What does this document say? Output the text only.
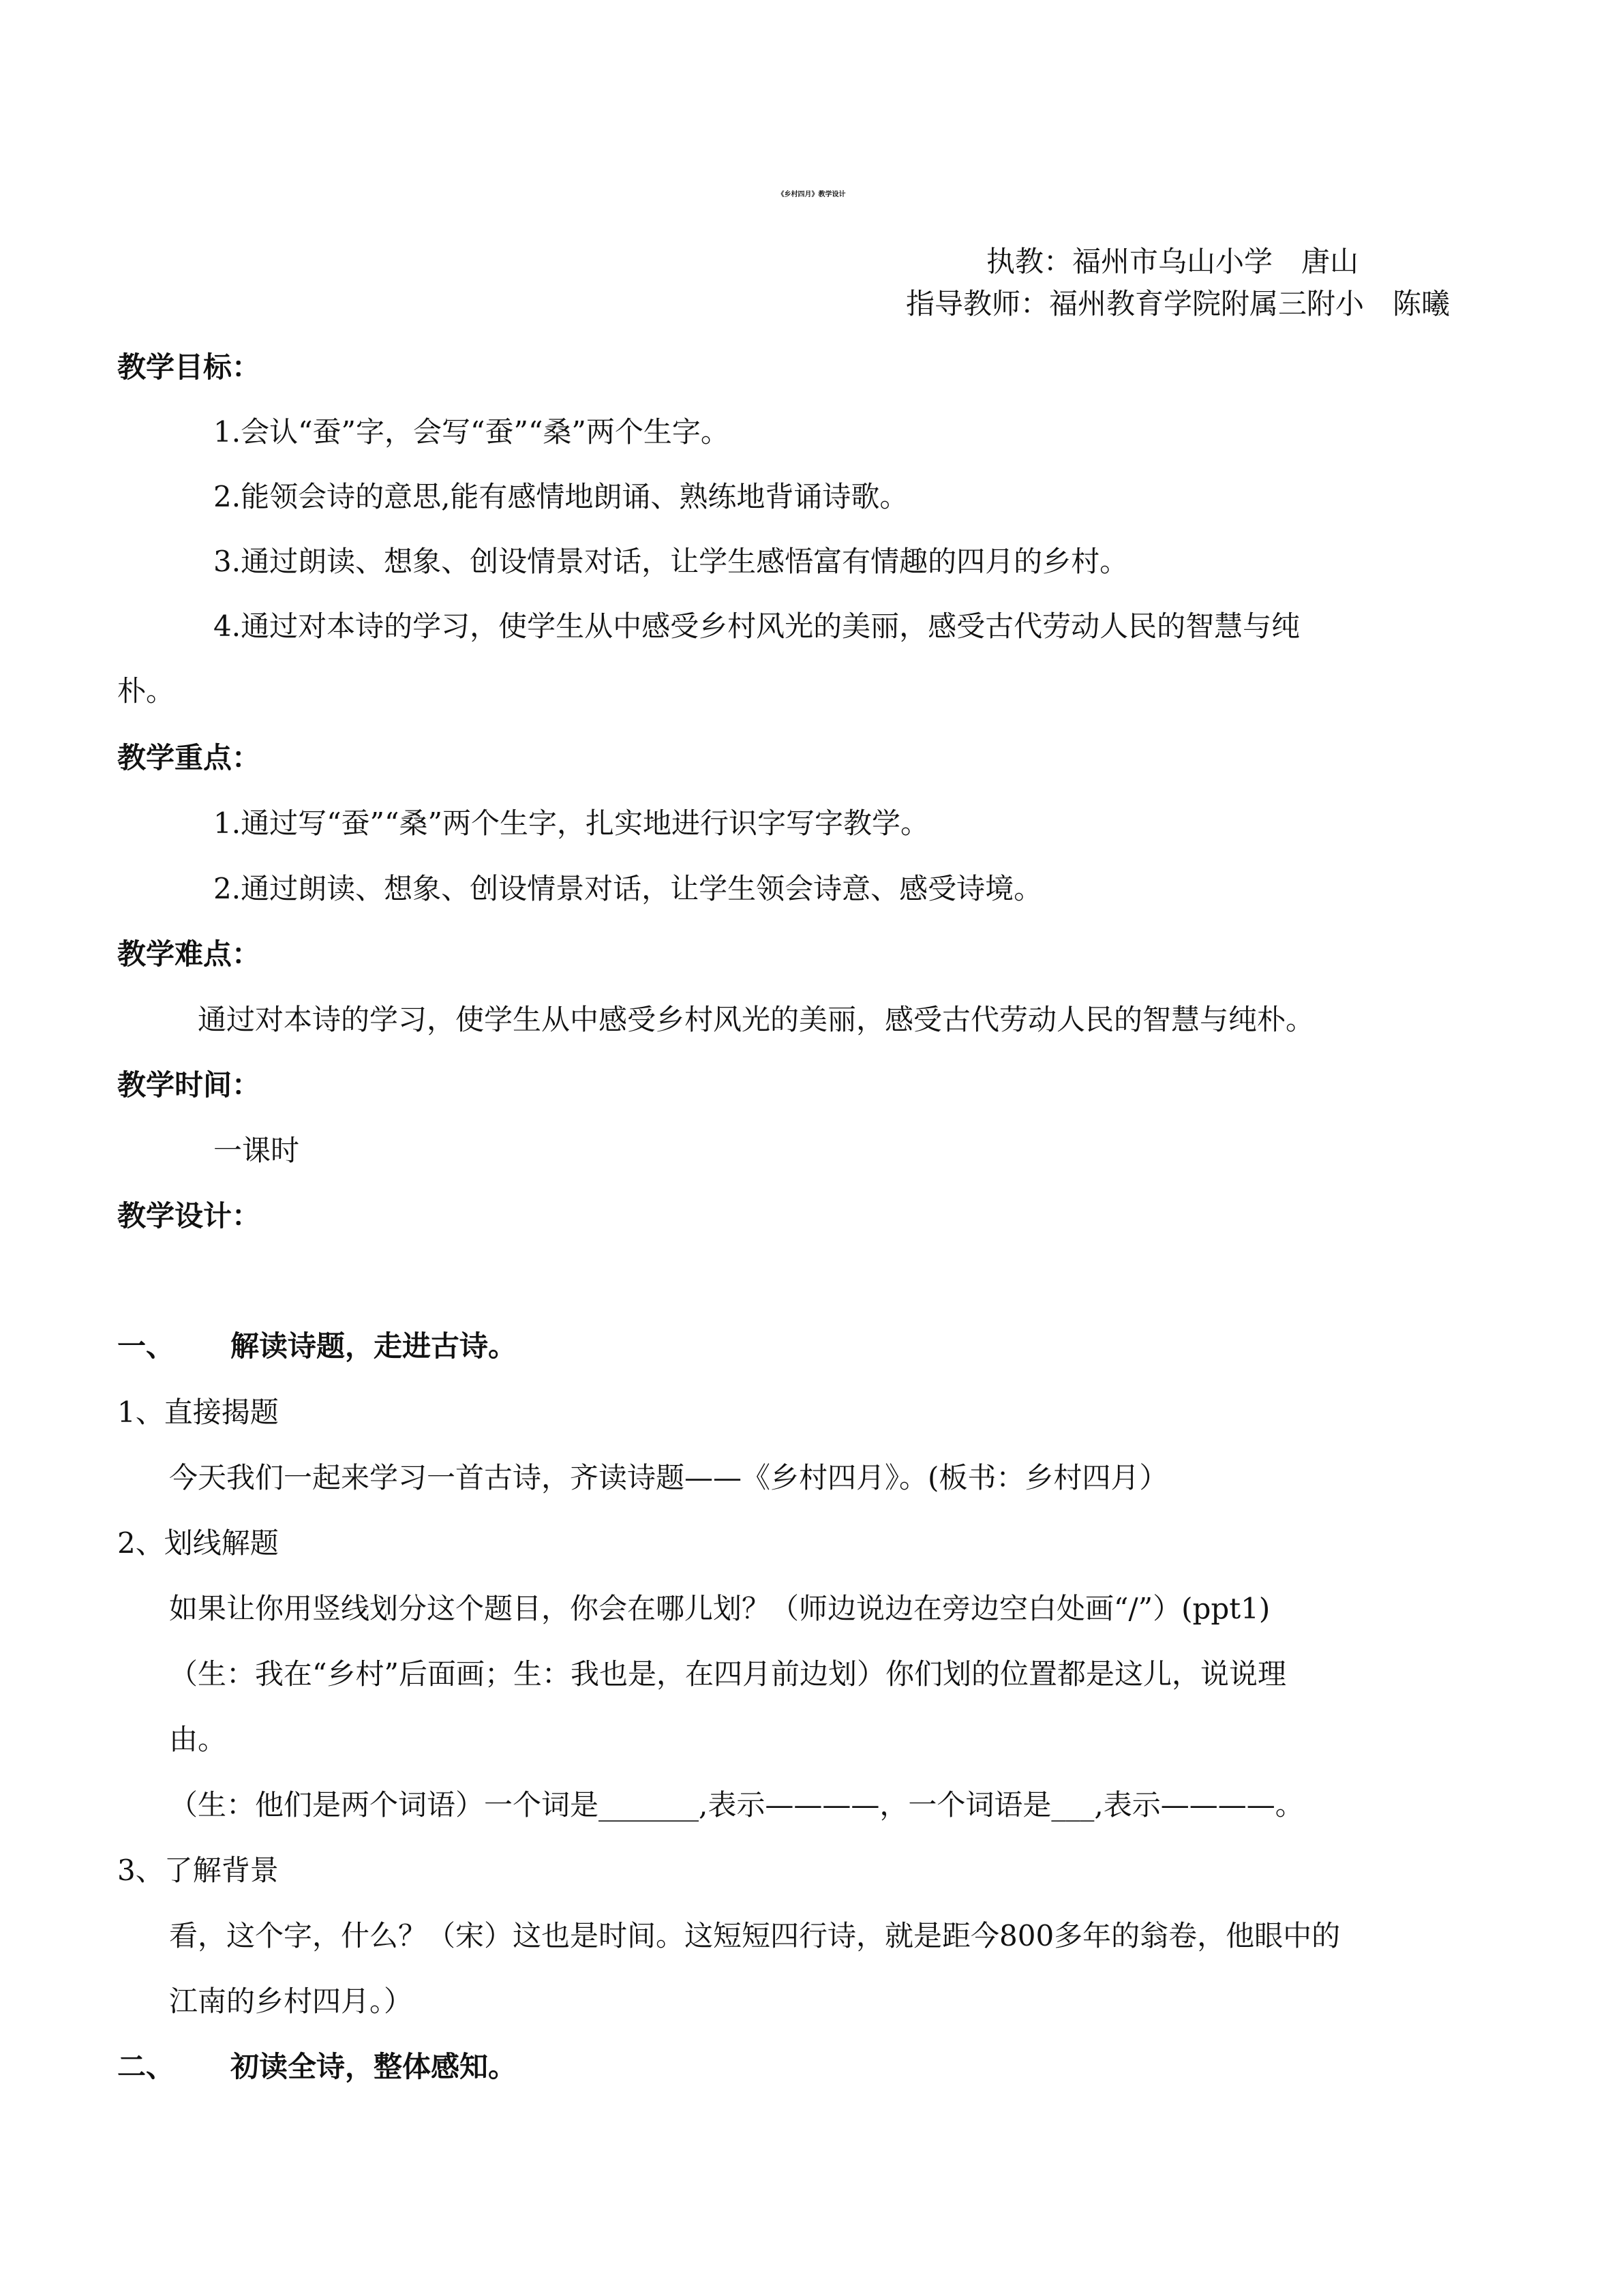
《乡村四月》教学设计
执教：福州市乌山小学　唐山
指导教师：福州教育学院附属三附小　陈曦
教学目标：
1.会认“蚕”字，会写“蚕”“桑”两个生字。
2.能领会诗的意思,能有感情地朗诵、熟练地背诵诗歌。
3.通过朗读、想象、创设情景对话，让学生感悟富有情趣的四月的乡村。
4.通过对本诗的学习，使学生从中感受乡村风光的美丽，感受古代劳动人民的智慧与纯
朴。
教学重点：
1.通过写“蚕”“桑”两个生字，扎实地进行识字写字教学。
2.通过朗读、想象、创设情景对话，让学生领会诗意、感受诗境。
教学难点：
通过对本诗的学习，使学生从中感受乡村风光的美丽，感受古代劳动人民的智慧与纯朴。
教学时间：
一课时
教学设计：
一、 解读诗题，走进古诗。
1、直接揭题
今天我们一起来学习一首古诗，齐读诗题——《乡村四月》。(板书：乡村四月）
2、划线解题
如果让你用竖线划分这个题目，你会在哪儿划？（师边说边在旁边空白处画“/”）(ppt1)
（生：我在“乡村”后面画；生：我也是，在四月前边划）你们划的位置都是这儿，说说理
由。
（生：他们是两个词语）一个词是_______,表示————，一个词语是___,表示————。
3、了解背景
看，这个字，什么？（宋）这也是时间。这短短四行诗，就是距今800多年的翁卷，他眼中的
江南的乡村四月。）
二、 初读全诗，整体感知。
